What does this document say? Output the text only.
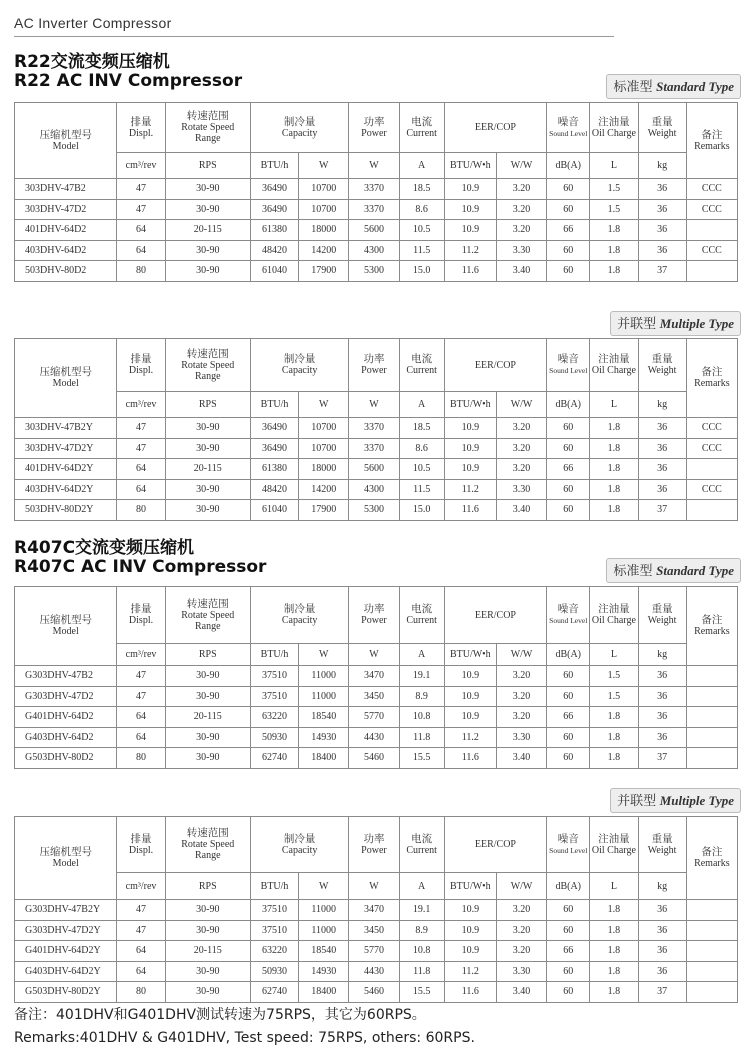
AC Inverter Compressor
R22交流变频压缩机
R22 AC INV Compressor
R407C交流变频压缩机
R407C AC INV Compressor
标准型 Standard Type
压缩机型号
Model	排量
Displ.	转速范围
Rotate Speed
Range	制冷量
Capacity		功率
Power	电流
Current	EER/COP		噪音
Sound Level	注油量
Oil Charge	重量
Weight	备注
Remarks
	cm³/rev	RPS	BTU/h	W	W	A	BTU/W•h	W/W	dB(A)	L	kg	
303DHV-47B2	47	30-90	36490	10700	3370	18.5	10.9	3.20	60	1.5	36	CCC
303DHV-47D2	47	30-90	36490	10700	3370	8.6	10.9	3.20	60	1.5	36	CCC
401DHV-64D2	64	20-115	61380	18000	5600	10.5	10.9	3.20	66	1.8	36	
403DHV-64D2	64	30-90	48420	14200	4300	11.5	11.2	3.30	60	1.8	36	CCC
503DHV-80D2	80	30-90	61040	17900	5300	15.0	11.6	3.40	60	1.8	37	
并联型 Multiple Type
压缩机型号
Model	排量
Displ.	转速范围
Rotate Speed
Range	制冷量
Capacity		功率
Power	电流
Current	EER/COP		噪音
Sound Level	注油量
Oil Charge	重量
Weight	备注
Remarks
	cm³/rev	RPS	BTU/h	W	W	A	BTU/W•h	W/W	dB(A)	L	kg	
303DHV-47B2Y	47	30-90	36490	10700	3370	18.5	10.9	3.20	60	1.8	36	CCC
303DHV-47D2Y	47	30-90	36490	10700	3370	8.6	10.9	3.20	60	1.8	36	CCC
401DHV-64D2Y	64	20-115	61380	18000	5600	10.5	10.9	3.20	66	1.8	36	
403DHV-64D2Y	64	30-90	48420	14200	4300	11.5	11.2	3.30	60	1.8	36	CCC
503DHV-80D2Y	80	30-90	61040	17900	5300	15.0	11.6	3.40	60	1.8	37	
标准型 Standard Type
压缩机型号
Model	排量
Displ.	转速范围
Rotate Speed
Range	制冷量
Capacity		功率
Power	电流
Current	EER/COP		噪音
Sound Level	注油量
Oil Charge	重量
Weight	备注
Remarks
	cm³/rev	RPS	BTU/h	W	W	A	BTU/W•h	W/W	dB(A)	L	kg	
G303DHV-47B2	47	30-90	37510	11000	3470	19.1	10.9	3.20	60	1.5	36	
G303DHV-47D2	47	30-90	37510	11000	3450	8.9	10.9	3.20	60	1.5	36	
G401DHV-64D2	64	20-115	63220	18540	5770	10.8	10.9	3.20	66	1.8	36	
G403DHV-64D2	64	30-90	50930	14930	4430	11.8	11.2	3.30	60	1.8	36	
G503DHV-80D2	80	30-90	62740	18400	5460	15.5	11.6	3.40	60	1.8	37	
并联型 Multiple Type
压缩机型号
Model	排量
Displ.	转速范围
Rotate Speed
Range	制冷量
Capacity		功率
Power	电流
Current	EER/COP		噪音
Sound Level	注油量
Oil Charge	重量
Weight	备注
Remarks
	cm³/rev	RPS	BTU/h	W	W	A	BTU/W•h	W/W	dB(A)	L	kg	
G303DHV-47B2Y	47	30-90	37510	11000	3470	19.1	10.9	3.20	60	1.8	36	
G303DHV-47D2Y	47	30-90	37510	11000	3450	8.9	10.9	3.20	60	1.8	36	
G401DHV-64D2Y	64	20-115	63220	18540	5770	10.8	10.9	3.20	66	1.8	36	
G403DHV-64D2Y	64	30-90	50930	14930	4430	11.8	11.2	3.30	60	1.8	36	
G503DHV-80D2Y	80	30-90	62740	18400	5460	15.5	11.6	3.40	60	1.8	37	
备注：401DHV和G401DHV测试转速为75RPS，其它为60RPS。
Remarks:401DHV & G401DHV, Test speed: 75RPS, others: 60RPS.
